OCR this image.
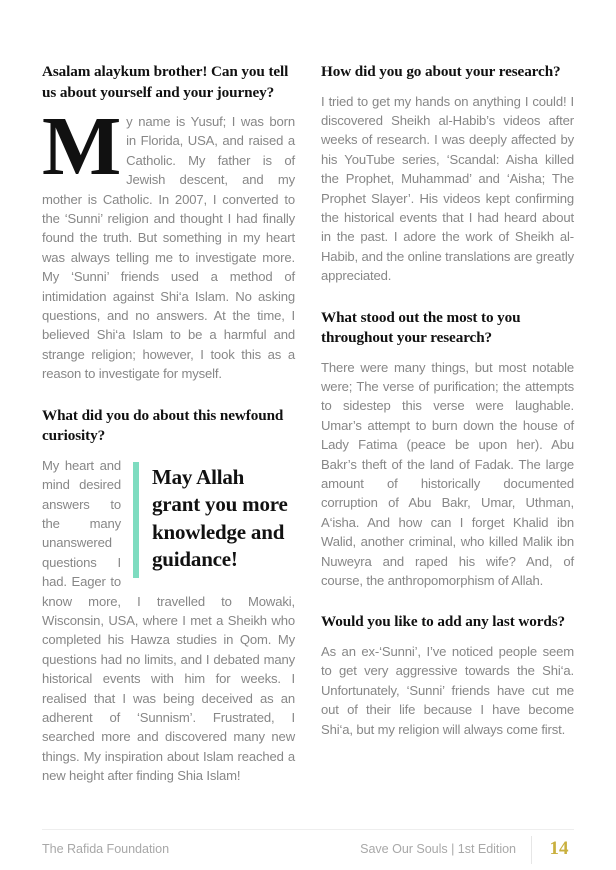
Asalam alaykum brother! Can you tell us about yourself and your journey?

My name is Yusuf; I was born in Florida, USA, and raised a Catholic. My father is of Jewish descent, and my mother is Catholic. In 2007, I converted to the ‘Sunni’ religion and thought I had finally found the truth. But something in my heart was always telling me to investigate more. My ‘Sunni’ friends used a method of intimidation against Shi‘a Islam. No asking questions, and no answers. At the time, I believed Shi‘a Islam to be a harmful and strange religion; however, I took this as a reason to investigate for myself.

What did you do about this newfound curiosity?
May Allah grant you more knowledge and guidance!

My heart and mind desired answers to the many unanswered questions I had. Eager to know more, I travelled to Mowaki, Wisconsin, USA, where I met a Sheikh who completed his Hawza studies in Qom. My questions had no limits, and I debated many historical events with him for weeks. I realised that I was being deceived as an adherent of ‘Sunnism’. Frustrated, I searched more and discovered many new things. My inspiration about Islam reached a new height after finding Shia Islam!

How did you go about your research?

I tried to get my hands on anything I could! I discovered Sheikh al-Habib’s videos after weeks of research. I was deeply affected by his YouTube series, ‘Scandal: Aisha killed the Prophet, Muhammad’ and ‘Aisha; The Prophet Slayer’. His videos kept confirming the historical events that I had heard about in the past. I adore the work of Sheikh al-Habib, and the online translations are greatly appreciated.

What stood out the most to you throughout your research?

There were many things, but most notable were; The verse of purification; the attempts to sidestep this verse were laughable. Umar’s attempt to burn down the house of Lady Fatima (peace be upon her). Abu Bakr’s theft of the land of Fadak. The large amount of historically documented corruption of Abu Bakr, Umar, Uthman, A‘isha. And how can I forget Khalid ibn Walid, another criminal, who killed Malik ibn Nuweyra and raped his wife? And, of course, the anthropomorphism of Allah.

Would you like to add any last words?

As an ex-‘Sunni’, I’ve noticed people seem to get very aggressive towards the Shi‘a. Unfortunately, ‘Sunni’ friends have cut me out of their life because I have become Shi‘a, but my religion will always come first.

The Rafida Foundation	Save Our Souls | 1st Edition 14
